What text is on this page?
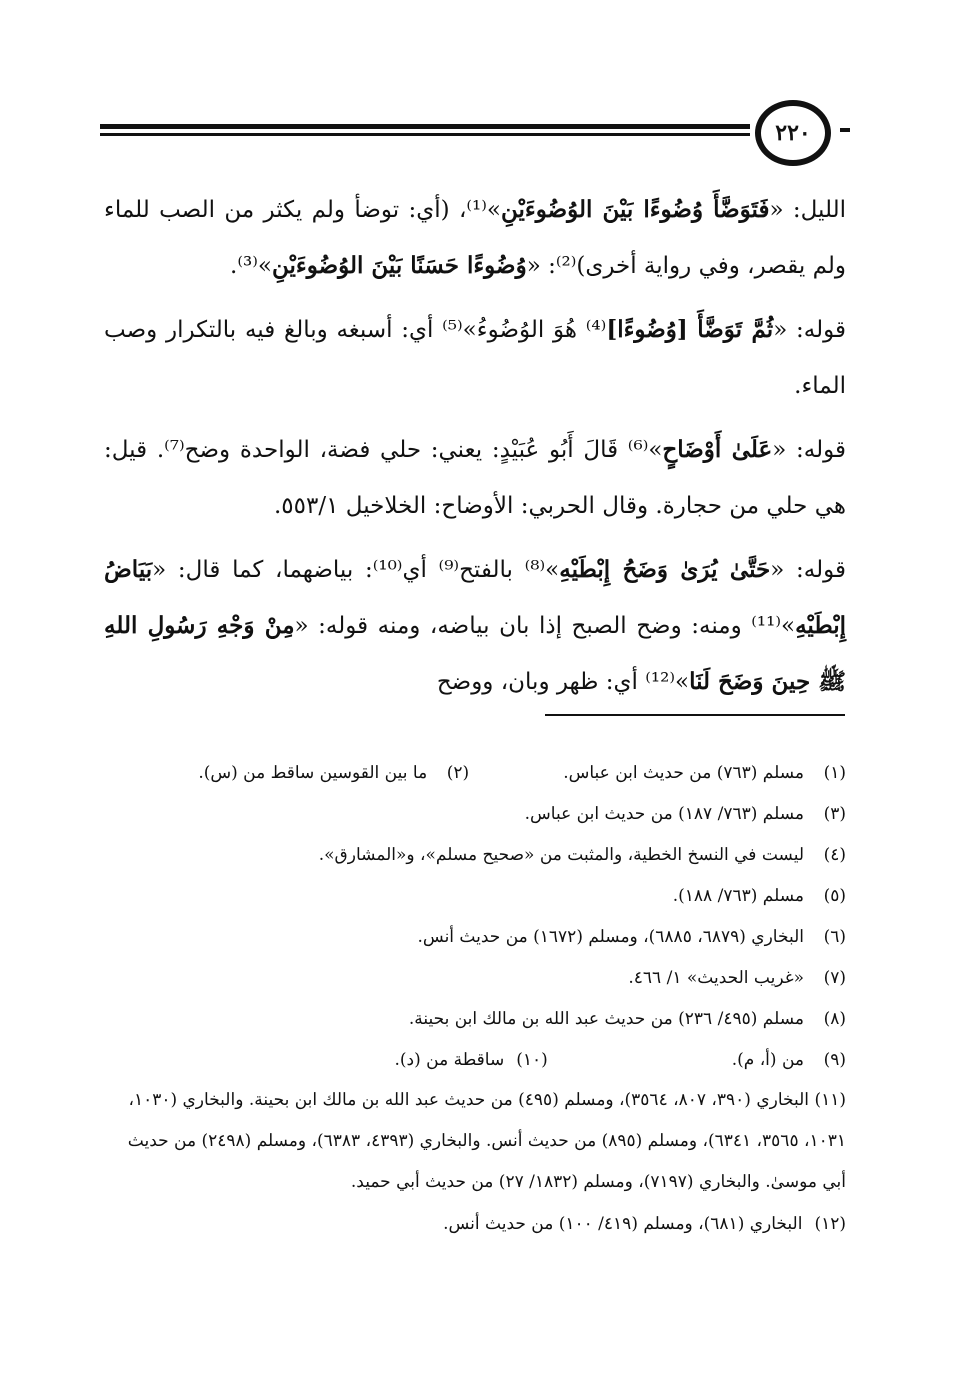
٢٢٠

الليل: «فَتَوَضَّأَ وُضُوءًا بَيْنَ الوُضُوءَيْنِ»⁽¹⁾، (أي: توضأ ولم يكثر من الصب للماء ولم يقصر، وفي رواية أخرى)⁽²⁾: «وُضُوءًا حَسَنًا بَيْنَ الوُضُوءَيْنِ»⁽³⁾.

قوله: «ثُمَّ تَوَضَّأَ [وُضُوءًا]⁽⁴⁾ هُوَ الوُضُوءُ»⁽⁵⁾ أي: أسبغه وبالغ فيه بالتكرار وصب الماء.

قوله: «عَلَىٰ أَوْضَاحٍ»⁽⁶⁾ قَالَ أَبُو عُبَيْدٍ: يعني: حلي فضة، الواحدة وضح⁽⁷⁾. قيل: هي حلي من حجارة. وقال الحربي: الأوضاح: الخلاخيل ٥٥٣/١.

قوله: «حَتَّىٰ يُرَىٰ وَضَحُ إِبْطَيْهِ»⁽⁸⁾ بالفتح⁽⁹⁾ أي⁽¹⁰⁾: بياضهما، كما قال: «بَيَاضُ إِبْطَيْهِ»⁽¹¹⁾ ومنه: وضح الصبح إذا بان بياضه، ومنه قوله: «مِنْ وَجْهِ رَسُولِ اللهِ ﷺ حِينَ وَضَحَ لَنَا»⁽¹²⁾ أي: ظهر وبان، ووضح

(١)
مسلم (٧٦٣) من حديث ابن عباس.
(٢)
ما بين القوسين ساقط من (س).
(٣)
مسلم (٧٦٣/ ١٨٧) من حديث ابن عباس.
(٤)
ليست في النسخ الخطية، والمثبت من «صحيح مسلم»، و«المشارق».
(٥)
مسلم (٧٦٣/ ١٨٨).
(٦)
البخاري (٦٨٧٩، ٦٨٨٥)، ومسلم (١٦٧٢) من حديث أنس.
(٧)
«غريب الحديث» ١/ ٤٦٦.
(٨)
مسلم (٤٩٥/ ٢٣٦) من حديث عبد الله بن مالك ابن بحينة.
(٩)
من (أ، م).
(١٠)
ساقطة من (د).
(١١) البخاري (٣٩٠، ٨٠٧، ٣٥٦٤)، ومسلم (٤٩٥) من حديث عبد الله بن مالك ابن بحينة. والبخاري (١٠٣٠، ١٠٣١، ٣٥٦٥، ٦٣٤١)، ومسلم (٨٩٥) من حديث أنس. والبخاري (٤٣٩٣، ٦٣٨٣)، ومسلم (٢٤٩٨) من حديث أبي موسىٰ. والبخاري (٧١٩٧)، ومسلم (١٨٣٢/ ٢٧) من حديث أبي حميد.
(١٢)
البخاري (٦٨١)، ومسلم (٤١٩/ ١٠٠) من حديث أنس.
